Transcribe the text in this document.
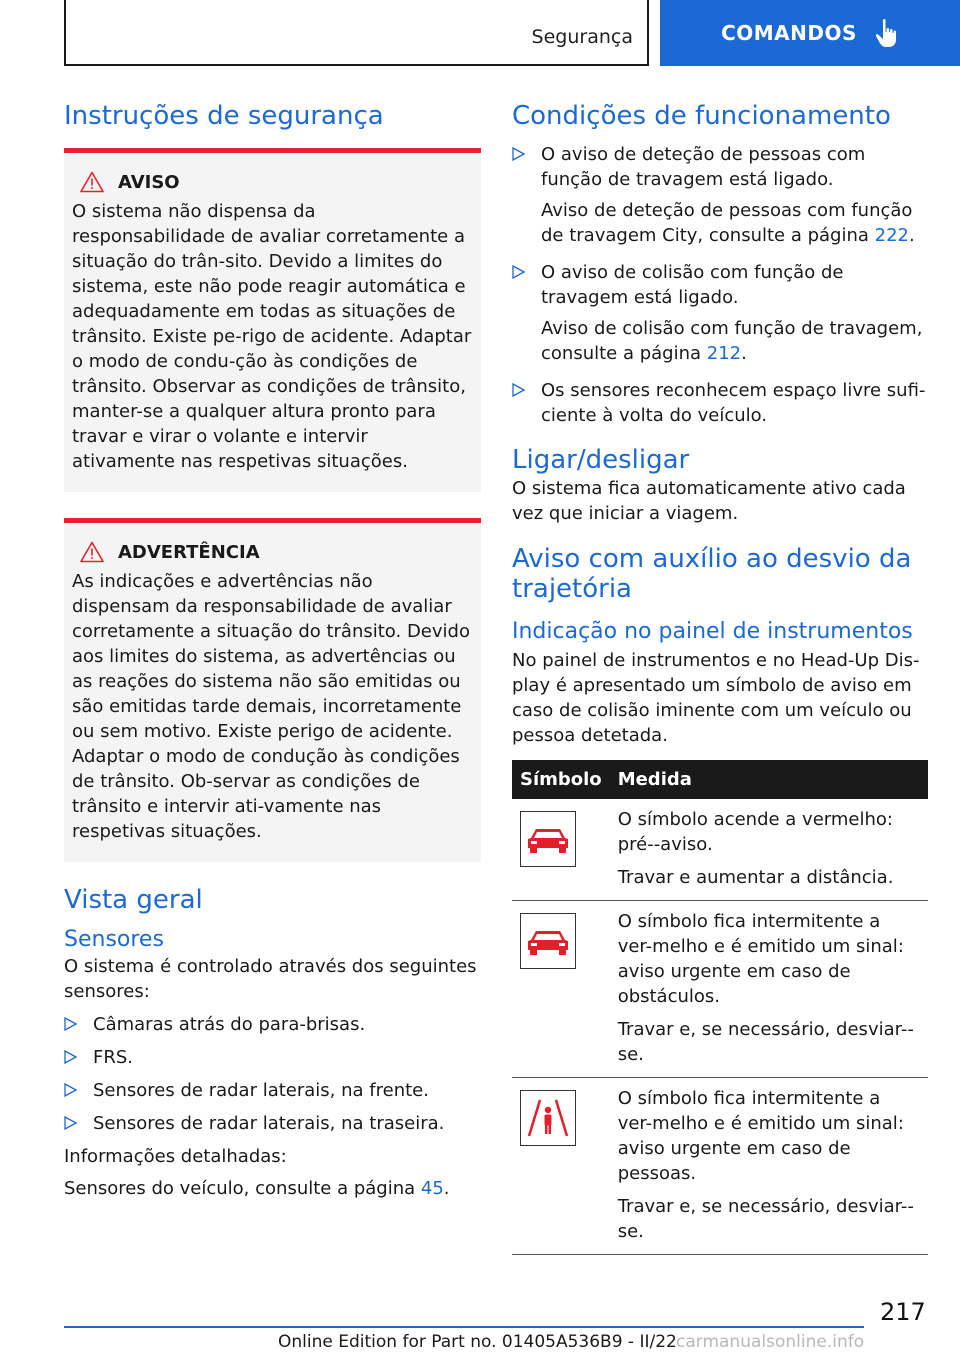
Segurança	COMANDOS
Instruções de segurança
AVISO

O sistema não dispensa da responsabilidade de avaliar corretamente a situação do trân-sito. Devido a limites do sistema, este não pode reagir automática e adequadamente em todas as situações de trânsito. Existe pe-rigo de acidente. Adaptar o modo de condu-ção às condições de trânsito. Observar as condições de trânsito, manter-se a qualquer altura pronto para travar e virar o volante e intervir ativamente nas respetivas situações.

ADVERTÊNCIA

As indicações e advertências não dispensam da responsabilidade de avaliar corretamente a situação do trânsito. Devido aos limites do sistema, as advertências ou as reações do sistema não são emitidas ou são emitidas tarde demais, incorretamente ou sem motivo. Existe perigo de acidente. Adaptar o modo de condução às condições de trânsito. Ob-servar as condições de trânsito e intervir ati-vamente nas respetivas situações.

Vista geral
Sensores

O sistema é controlado através dos seguintes sensores:

Câmaras atrás do para-brisas.
FRS.
Sensores de radar laterais, na frente.
Sensores de radar laterais, na traseira.

Informações detalhadas:

Sensores do veículo, consulte a página 45.

Condições de funcionamento
O aviso de deteção de pessoas com função de travagem está ligado.
Aviso de deteção de pessoas com função de travagem City, consulte a página 222.
O aviso de colisão com função de travagem está ligado.
Aviso de colisão com função de travagem, consulte a página 212.
Os sensores reconhecem espaço livre sufi-ciente à volta do veículo.
Ligar/desligar

O sistema fica automaticamente ativo cada vez que iniciar a viagem.

Aviso com auxílio ao desvio da trajetória
Indicação no painel de instrumentos

No painel de instrumentos e no Head-Up Dis-play é apresentado um símbolo de aviso em caso de colisão iminente com um veículo ou pessoa detetada.

Símbolo	Medida

O símbolo acende a vermelho: pré--aviso.

Travar e aumentar a distância.

O símbolo fica intermitente a ver-melho e é emitido um sinal: aviso urgente em caso de obstáculos.

Travar e, se necessário, desviar--se.

O símbolo fica intermitente a ver-melho e é emitido um sinal: aviso urgente em caso de pessoas.

Travar e, se necessário, desviar--se.

217
Online Edition for Part no. 01405A536B9 - II/22 carmanualsonline.info
